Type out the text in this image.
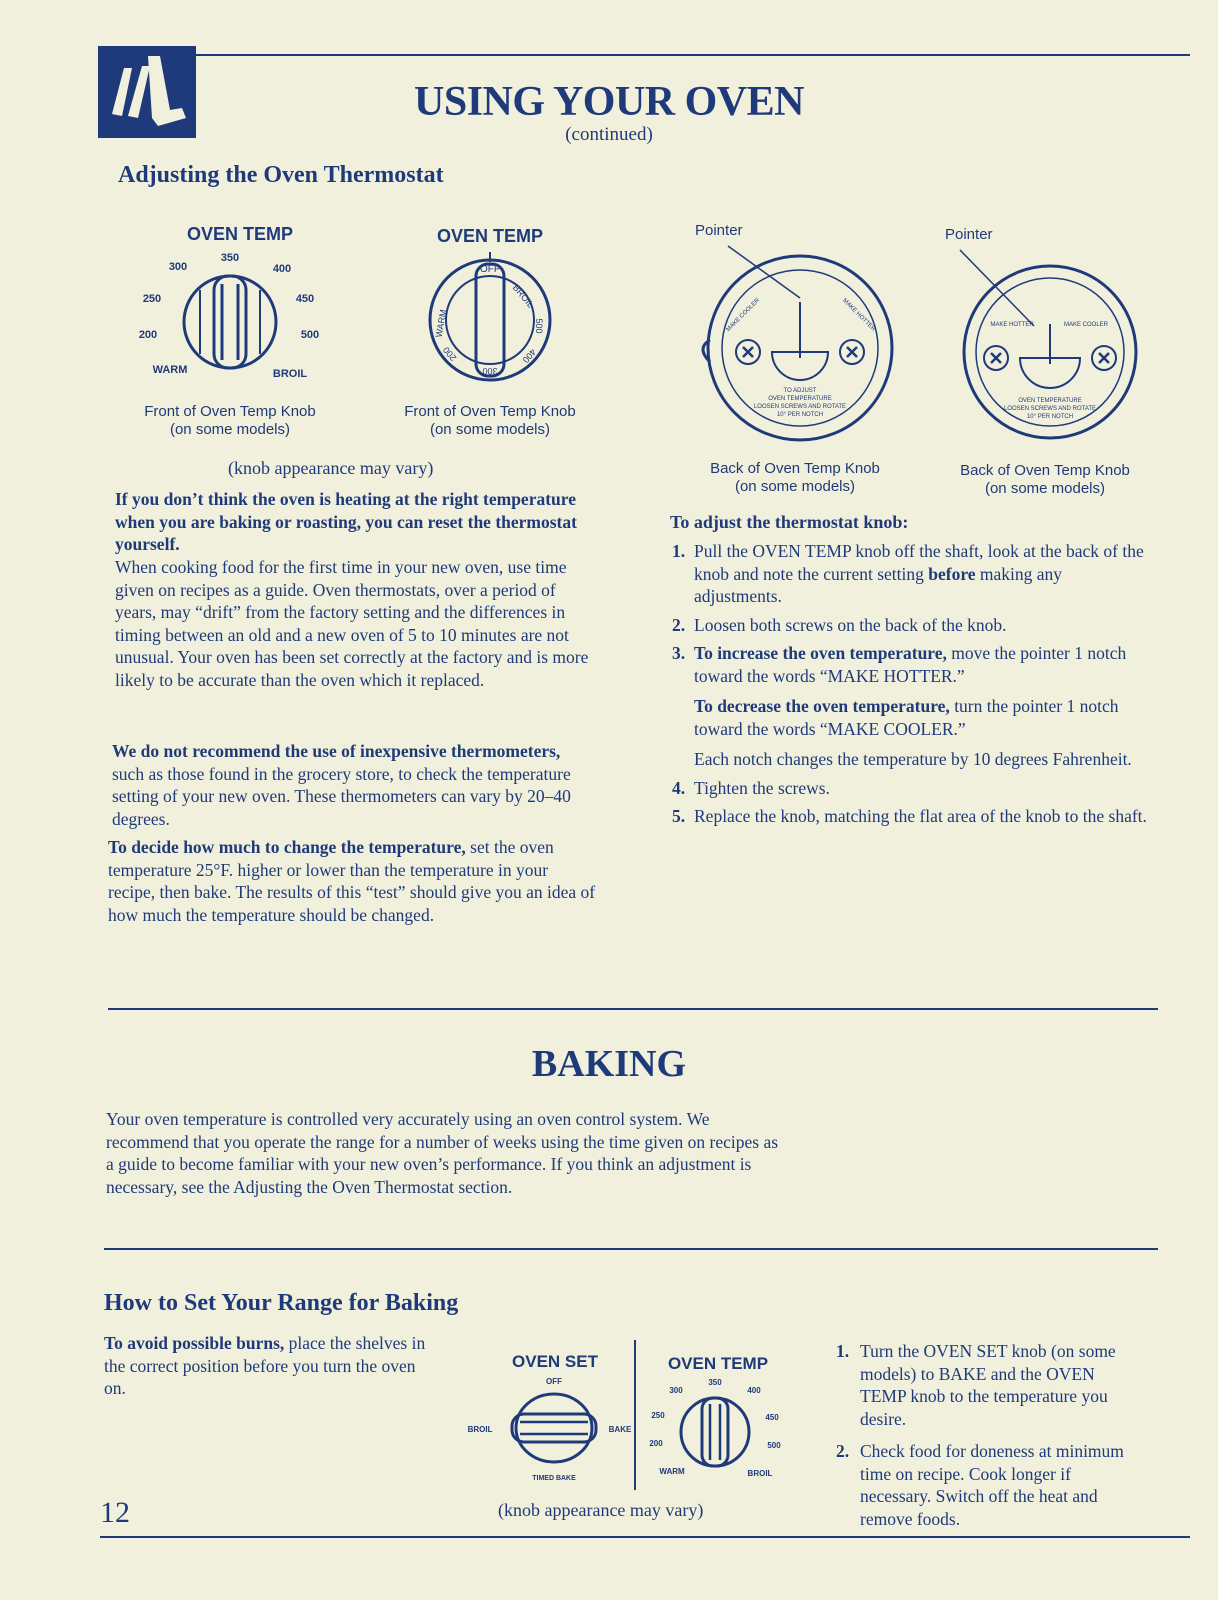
USING YOUR OVEN
(continued)
Adjusting the Oven Thermostat
OVEN TEMP
350
300	400
250	450
200	500
WARM	BROIL
Front of Oven Temp Knob
(on some models)
OVEN TEMP
OFF
BROIL
500
WARM
200
300
400
Front of Oven Temp Knob
(on some models)
Pointer
MAKE COOLER	MAKE HOTTER
TO ADJUST
OVEN TEMPERATURE
LOOSEN SCREWS AND ROTATE
10° PER NOTCH
Back of Oven Temp Knob
(on some models)
Pointer
MAKE COOLER
MAKE HOTTER
OVEN TEMPERATURE
LOOSEN SCREWS AND ROTATE
10° PER NOTCH
Back of Oven Temp Knob
(on some models)
(knob appearance may vary)

If you don’t think the oven is heating at the right temperature when you are baking or roasting, you can reset the thermostat yourself.

When cooking food for the first time in your new oven, use time given on recipes as a guide. Oven thermostats, over a period of years, may “drift” from the factory setting and the differences in timing between an old and a new oven of 5 to 10 minutes are not unusual. Your oven has been set correctly at the factory and is more likely to be accurate than the oven which it replaced.

We do not recommend the use of inexpensive thermometers, such as those found in the grocery store, to check the temperature setting of your new oven. These thermometers can vary by 20–40 degrees.

To decide how much to change the temperature, set the oven temperature 25°F. higher or lower than the temperature in your recipe, then bake. The results of this “test” should give you an idea of how much the temperature should be changed.

To adjust the thermostat knob:
1. Pull the OVEN TEMP knob off the shaft, look at the back of the knob and note the current setting before making any adjustments.
2. Loosen both screws on the back of the knob.
3. To increase the oven temperature, move the pointer 1 notch toward the words “MAKE HOTTER.”
To decrease the oven temperature, turn the pointer 1 notch toward the words “MAKE COOLER.”
Each notch changes the temperature by 10 degrees Fahrenheit.
4. Tighten the screws.
5. Replace the knob, matching the flat area of the knob to the shaft.
BAKING

Your oven temperature is controlled very accurately using an oven control system. We recommend that you operate the range for a number of weeks using the time given on recipes as a guide to become familiar with your new oven’s performance. If you think an adjustment is necessary, see the Adjusting the Oven Thermostat section.

How to Set Your Range for Baking

To avoid possible burns, place the shelves in the correct position before you turn the oven on.

OVEN SET	OVEN TEMP
OFF
BROIL	BAKE
TIMED BAKE
350
300	400
250	450
200	500
WARM	BROIL
(knob appearance may vary)
1. Turn the OVEN SET knob (on some models) to BAKE and the OVEN TEMP knob to the temperature you desire.
2. Check food for doneness at minimum time on recipe. Cook longer if necessary. Switch off the heat and remove foods.
12
